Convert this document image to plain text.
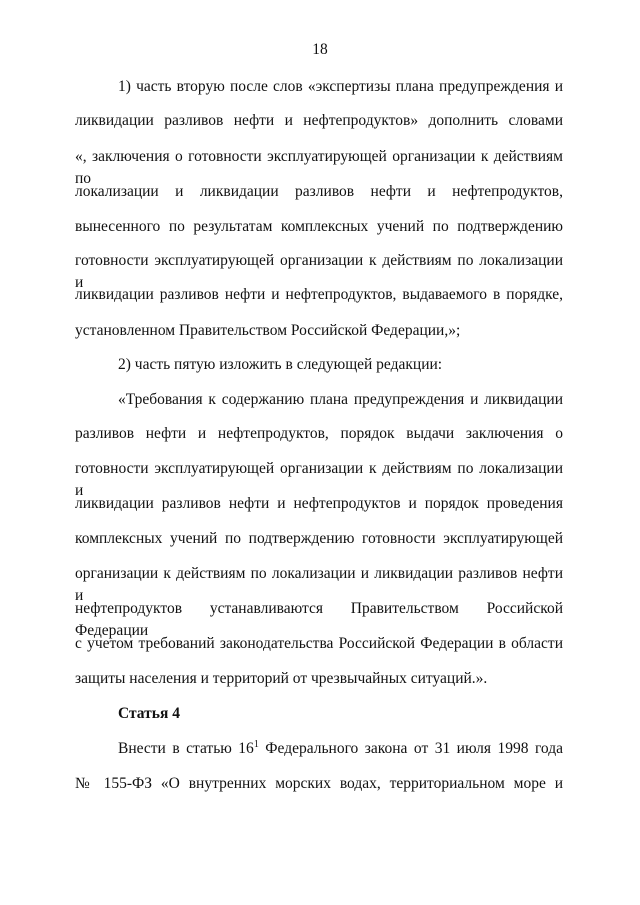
18
1) часть вторую после слов «экспертизы плана предупреждения и
ликвидации разливов нефти и нефтепродуктов» дополнить словами
«, заключения о готовности эксплуатирующей организации к действиям по
локализации и ликвидации разливов нефти и нефтепродуктов,
вынесенного по результатам комплексных учений по подтверждению
готовности эксплуатирующей организации к действиям по локализации и
ликвидации разливов нефти и нефтепродуктов, выдаваемого в порядке,
установленном Правительством Российской Федерации,»;
2) часть пятую изложить в следующей редакции:
«Требования к содержанию плана предупреждения и ликвидации
разливов нефти и нефтепродуктов, порядок выдачи заключения о
готовности эксплуатирующей организации к действиям по локализации и
ликвидации разливов нефти и нефтепродуктов и порядок проведения
комплексных учений по подтверждению готовности эксплуатирующей
организации к действиям по локализации и ликвидации разливов нефти и
нефтепродуктов устанавливаются Правительством Российской Федерации
с учетом требований законодательства Российской Федерации в области
защиты населения и территорий от чрезвычайных ситуаций.».
Статья 4
Внести в статью $16^1$ Федерального закона от 31 июля 1998 года
№ 155-ФЗ «О внутренних морских водах, территориальном море и
